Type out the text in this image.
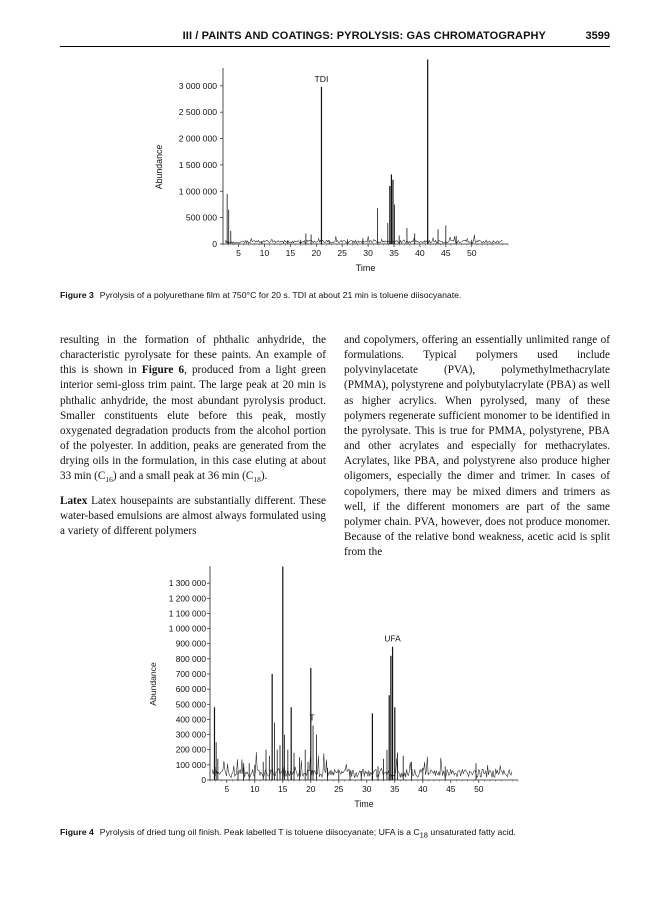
III / PAINTS AND COATINGS: PYROLYSIS: GAS CHROMATOGRAPHY	3599
0
500 000
1 000 000
1 500 000
2 000 000
2 500 000
3 000 000
5 10 15 20 25 30 35 40 45 50
Time
Abundance
TDI
Figure 3 Pyrolysis of a polyurethane film at 750°C for 20 s. TDI at about 21 min is toluene diisocyanate.

resulting in the formation of phthalic anhydride, the characteristic pyrolysate for these paints. An example of this is shown in Figure 6, produced from a light green interior semi-gloss trim paint. The large peak at 20 min is phthalic anhydride, the most abundant pyrolysis product. Smaller constituents elute before this peak, mostly oxygenated degradation products from the alcohol portion of the polyester. In addition, peaks are generated from the drying oils in the formulation, in this case eluting at about 33 $\min (C_{16})$ and a small peak at 36 $\min (C_{18})$.

Latex Latex housepaints are substantially different. These water-based emulsions are almost always formulated using a variety of different polymers

and copolymers, offering an essentially unlimited range of formulations. Typical polymers used include polyvinylacetate (PVA), polymethylmethacrylate (PMMA), polystyrene and polybutylacrylate (PBA) as well as higher acrylics. When pyrolysed, many of these polymers regenerate sufficient monomer to be identified in the pyrolysate. This is true for PMMA, polystyrene, PBA and other acrylates and especially for methacrylates. Acrylates, like PBA, and polystyrene also produce higher oligomers, especially the dimer and trimer. In cases of copolymers, there may be mixed dimers and trimers as well, if the different monomers are part of the same polymer chain. PVA, however, does not produce monomer. Because of the relative bond weakness, acetic acid is split from the

0
100 000
200 000
300 000
400 000
500 000
600 000
700 000
800 000
900 000
1 000 000
1 100 000
1 200 000
1 300 000
5	10 15 20 25 30 35 40 45 50
Time
Abundance
T
UFA
Figure 4 Pyrolysis of dried tung oil finish. Peak labelled T is toluene diisocyanate; UFA is a $C_{18}$ unsaturated fatty acid.
